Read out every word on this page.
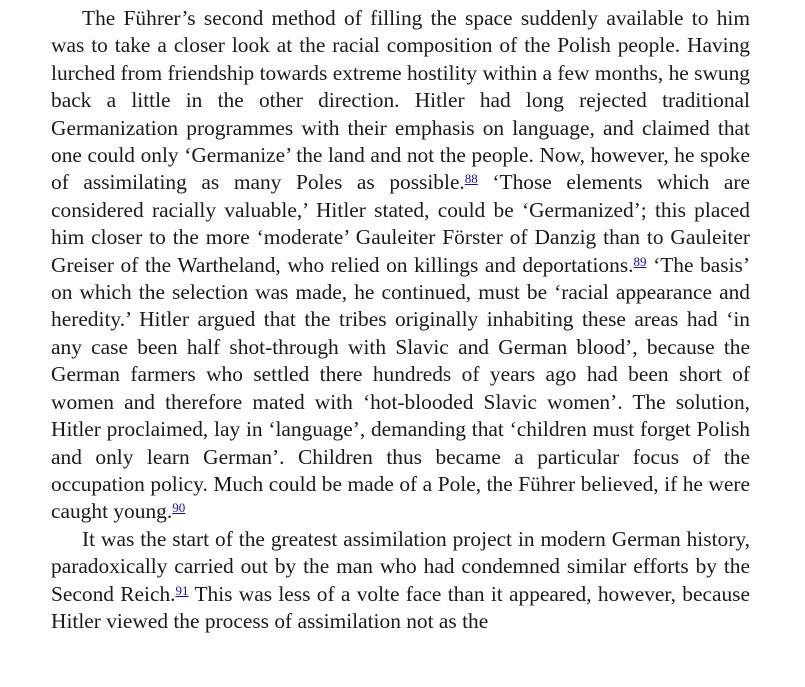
The Führer’s second method of filling the space suddenly available to him was to take a closer look at the racial composition of the Polish people. Having lurched from friendship towards extreme hostility within a few months, he swung back a little in the other direction. Hitler had long rejected traditional Germanization programmes with their emphasis on language, and claimed that one could only ‘Germanize’ the land and not the people. Now, however, he spoke of assimilating as many Poles as possible.$^{88}$ ‘Those elements which are considered racially valuable,’ Hitler stated, could be ‘Germanized’; this placed him closer to the more ‘moderate’ Gauleiter Förster of Danzig than to Gauleiter Greiser of the Wartheland, who relied on killings and deportations.$^{89}$ ‘The basis’ on which the selection was made, he continued, must be ‘racial appearance and heredity.’ Hitler argued that the tribes originally inhabiting these areas had ‘in any case been half shot-through with Slavic and German blood’, because the German farmers who settled there hundreds of years ago had been short of women and therefore mated with ‘hot-blooded Slavic women’. The solution, Hitler proclaimed, lay in ‘language’, demanding that ‘children must forget Polish and only learn German’. Children thus became a particular focus of the occupation policy. Much could be made of a Pole, the Führer believed, if he were caught young.$^{90}$

It was the start of the greatest assimilation project in modern German history, paradoxically carried out by the man who had condemned similar efforts by the Second Reich.$^{91}$ This was less of a volte face than it appeared, however, because Hitler viewed the process of assimilation not as the
